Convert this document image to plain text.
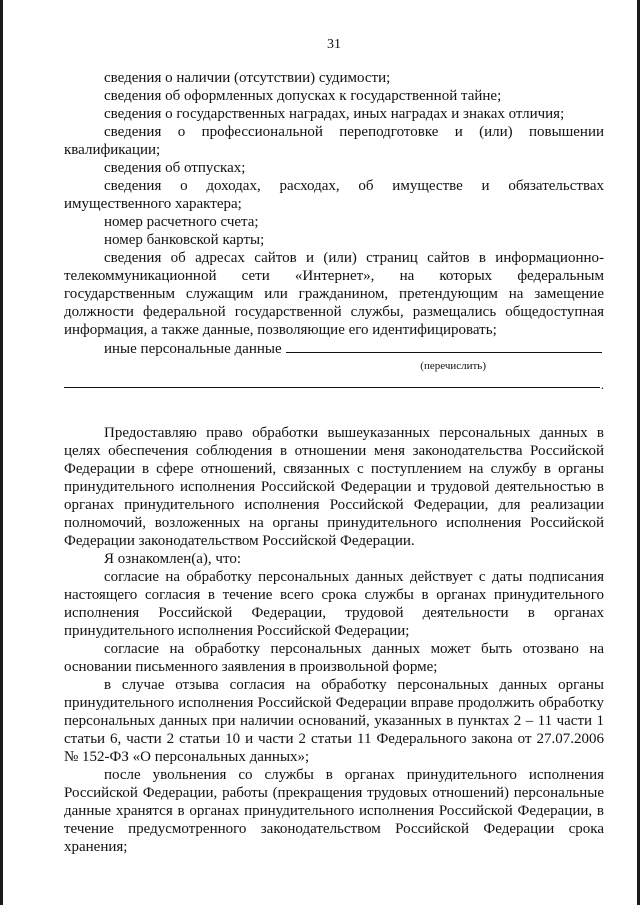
31

сведения о наличии (отсутствии) судимости;

сведения об оформленных допусках к государственной тайне;

сведения о государственных наградах, иных наградах и знаках отличия;

сведения о профессиональной переподготовке и (или) повышении квалификации;

сведения об отпусках;

сведения о доходах, расходах, об имуществе и обязательствах имущественного характера;

номер расчетного счета;

номер банковской карты;

сведения об адресах сайтов и (или) страниц сайтов в информационно-телекоммуникационной сети «Интернет», на которых федеральным государственным служащим или гражданином, претендующим на замещение должности федеральной государственной службы, размещались общедоступная информация, а также данные, позволяющие его идентифицировать;

иные персональные данные

(перечислить)
.

Предоставляю право обработки вышеуказанных персональных данных в целях обеспечения соблюдения в отношении меня законодательства Российской Федерации в сфере отношений, связанных с поступлением на службу в органы принудительного исполнения Российской Федерации и трудовой деятельностью в органах принудительного исполнения Российской Федерации, для реализации полномочий, возложенных на органы принудительного исполнения Российской Федерации законодательством Российской Федерации.

Я ознакомлен(а), что:

согласие на обработку персональных данных действует с даты подписания настоящего согласия в течение всего срока службы в органах принудительного исполнения Российской Федерации, трудовой деятельности в органах принудительного исполнения Российской Федерации;

согласие на обработку персональных данных может быть отозвано на основании письменного заявления в произвольной форме;

в случае отзыва согласия на обработку персональных данных органы принудительного исполнения Российской Федерации вправе продолжить обработку персональных данных при наличии оснований, указанных в пунктах 2 – 11 части 1 статьи 6, части 2 статьи 10 и части 2 статьи 11 Федерального закона от 27.07.2006 № 152-ФЗ «О персональных данных»;

после увольнения со службы в органах принудительного исполнения Российской Федерации, работы (прекращения трудовых отношений) персональные данные хранятся в органах принудительного исполнения Российской Федерации, в течение предусмотренного законодательством Российской Федерации срока хранения;
